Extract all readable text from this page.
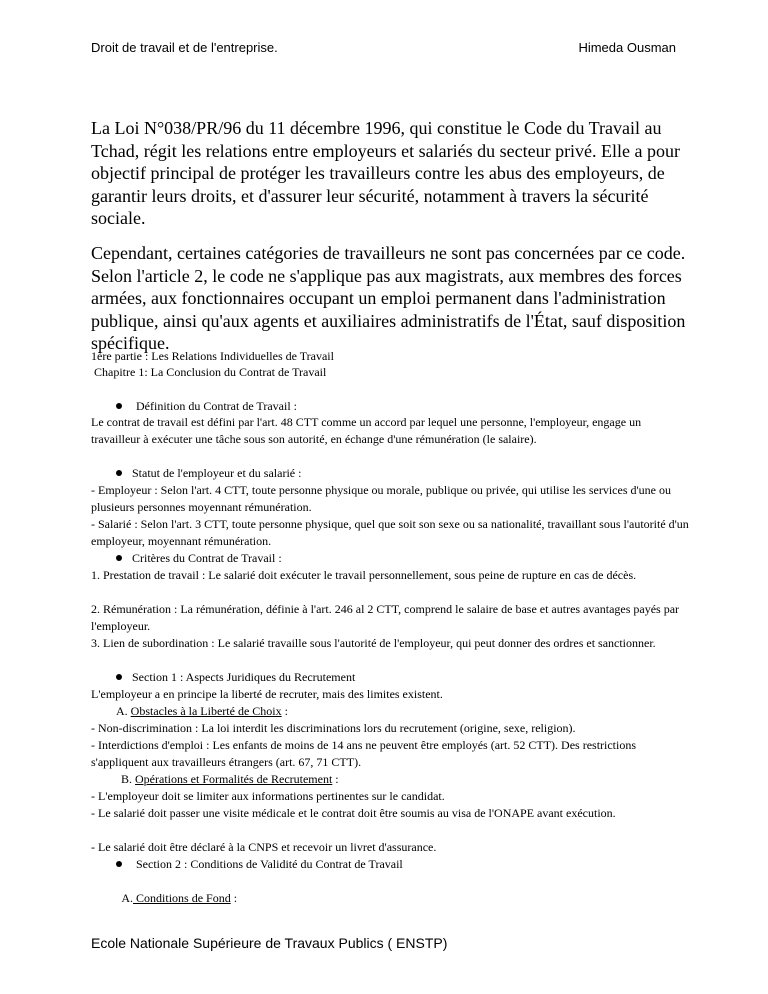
Droit de travail et de l'entreprise.	Himeda Ousman

La Loi N°038/PR/96 du 11 décembre 1996, qui constitue le Code du Travail au Tchad, régit les relations entre employeurs et salariés du secteur privé. Elle a pour objectif principal de protéger les travailleurs contre les abus des employeurs, de garantir leurs droits, et d'assurer leur sécurité, notamment à travers la sécurité sociale.

Cependant, certaines catégories de travailleurs ne sont pas concernées par ce code. Selon l'article 2, le code ne s'applique pas aux magistrats, aux membres des forces armées, aux fonctionnaires occupant un emploi permanent dans l'administration publique, ainsi qu'aux agents et auxiliaires administratifs de l'État, sauf disposition spécifique.

1ère partie : Les Relations Individuelles de Travail
Chapitre 1: La Conclusion du Contrat de Travail
Définition du Contrat de Travail :

Le contrat de travail est défini par l'art. 48 CTT comme un accord par lequel une personne, l'employeur, engage un travailleur à exécuter une tâche sous son autorité, en échange d'une rémunération (le salaire).

Statut de l'employeur et du salarié :

- Employeur : Selon l'art. 4 CTT, toute personne physique ou morale, publique ou privée, qui utilise les services d'une ou plusieurs personnes moyennant rémunération.

- Salarié : Selon l'art. 3 CTT, toute personne physique, quel que soit son sexe ou sa nationalité, travaillant sous l'autorité d'un employeur, moyennant rémunération.

Critères du Contrat de Travail :

1. Prestation de travail : Le salarié doit exécuter le travail personnellement, sous peine de rupture en cas de décès.

2. Rémunération : La rémunération, définie à l'art. 246 al 2 CTT, comprend le salaire de base et autres avantages payés par l'employeur.

3. Lien de subordination : Le salarié travaille sous l'autorité de l'employeur, qui peut donner des ordres et sanctionner.

Section 1 : Aspects Juridiques du Recrutement

L'employeur a en principe la liberté de recruter, mais des limites existent.

A. Obstacles à la Liberté de Choix :

- Non-discrimination : La loi interdit les discriminations lors du recrutement (origine, sexe, religion).

- Interdictions d'emploi : Les enfants de moins de 14 ans ne peuvent être employés (art. 52 CTT). Des restrictions s'appliquent aux travailleurs étrangers (art. 67, 71 CTT).

B. Opérations et Formalités de Recrutement :

- L'employeur doit se limiter aux informations pertinentes sur le candidat.

- Le salarié doit passer une visite médicale et le contrat doit être soumis au visa de l'ONAPE avant exécution.

- Le salarié doit être déclaré à la CNPS et recevoir un livret d'assurance.

Section 2 : Conditions de Validité du Contrat de Travail

A. Conditions de Fond :

Ecole Nationale Supérieure de Travaux Publics ( ENSTP)
